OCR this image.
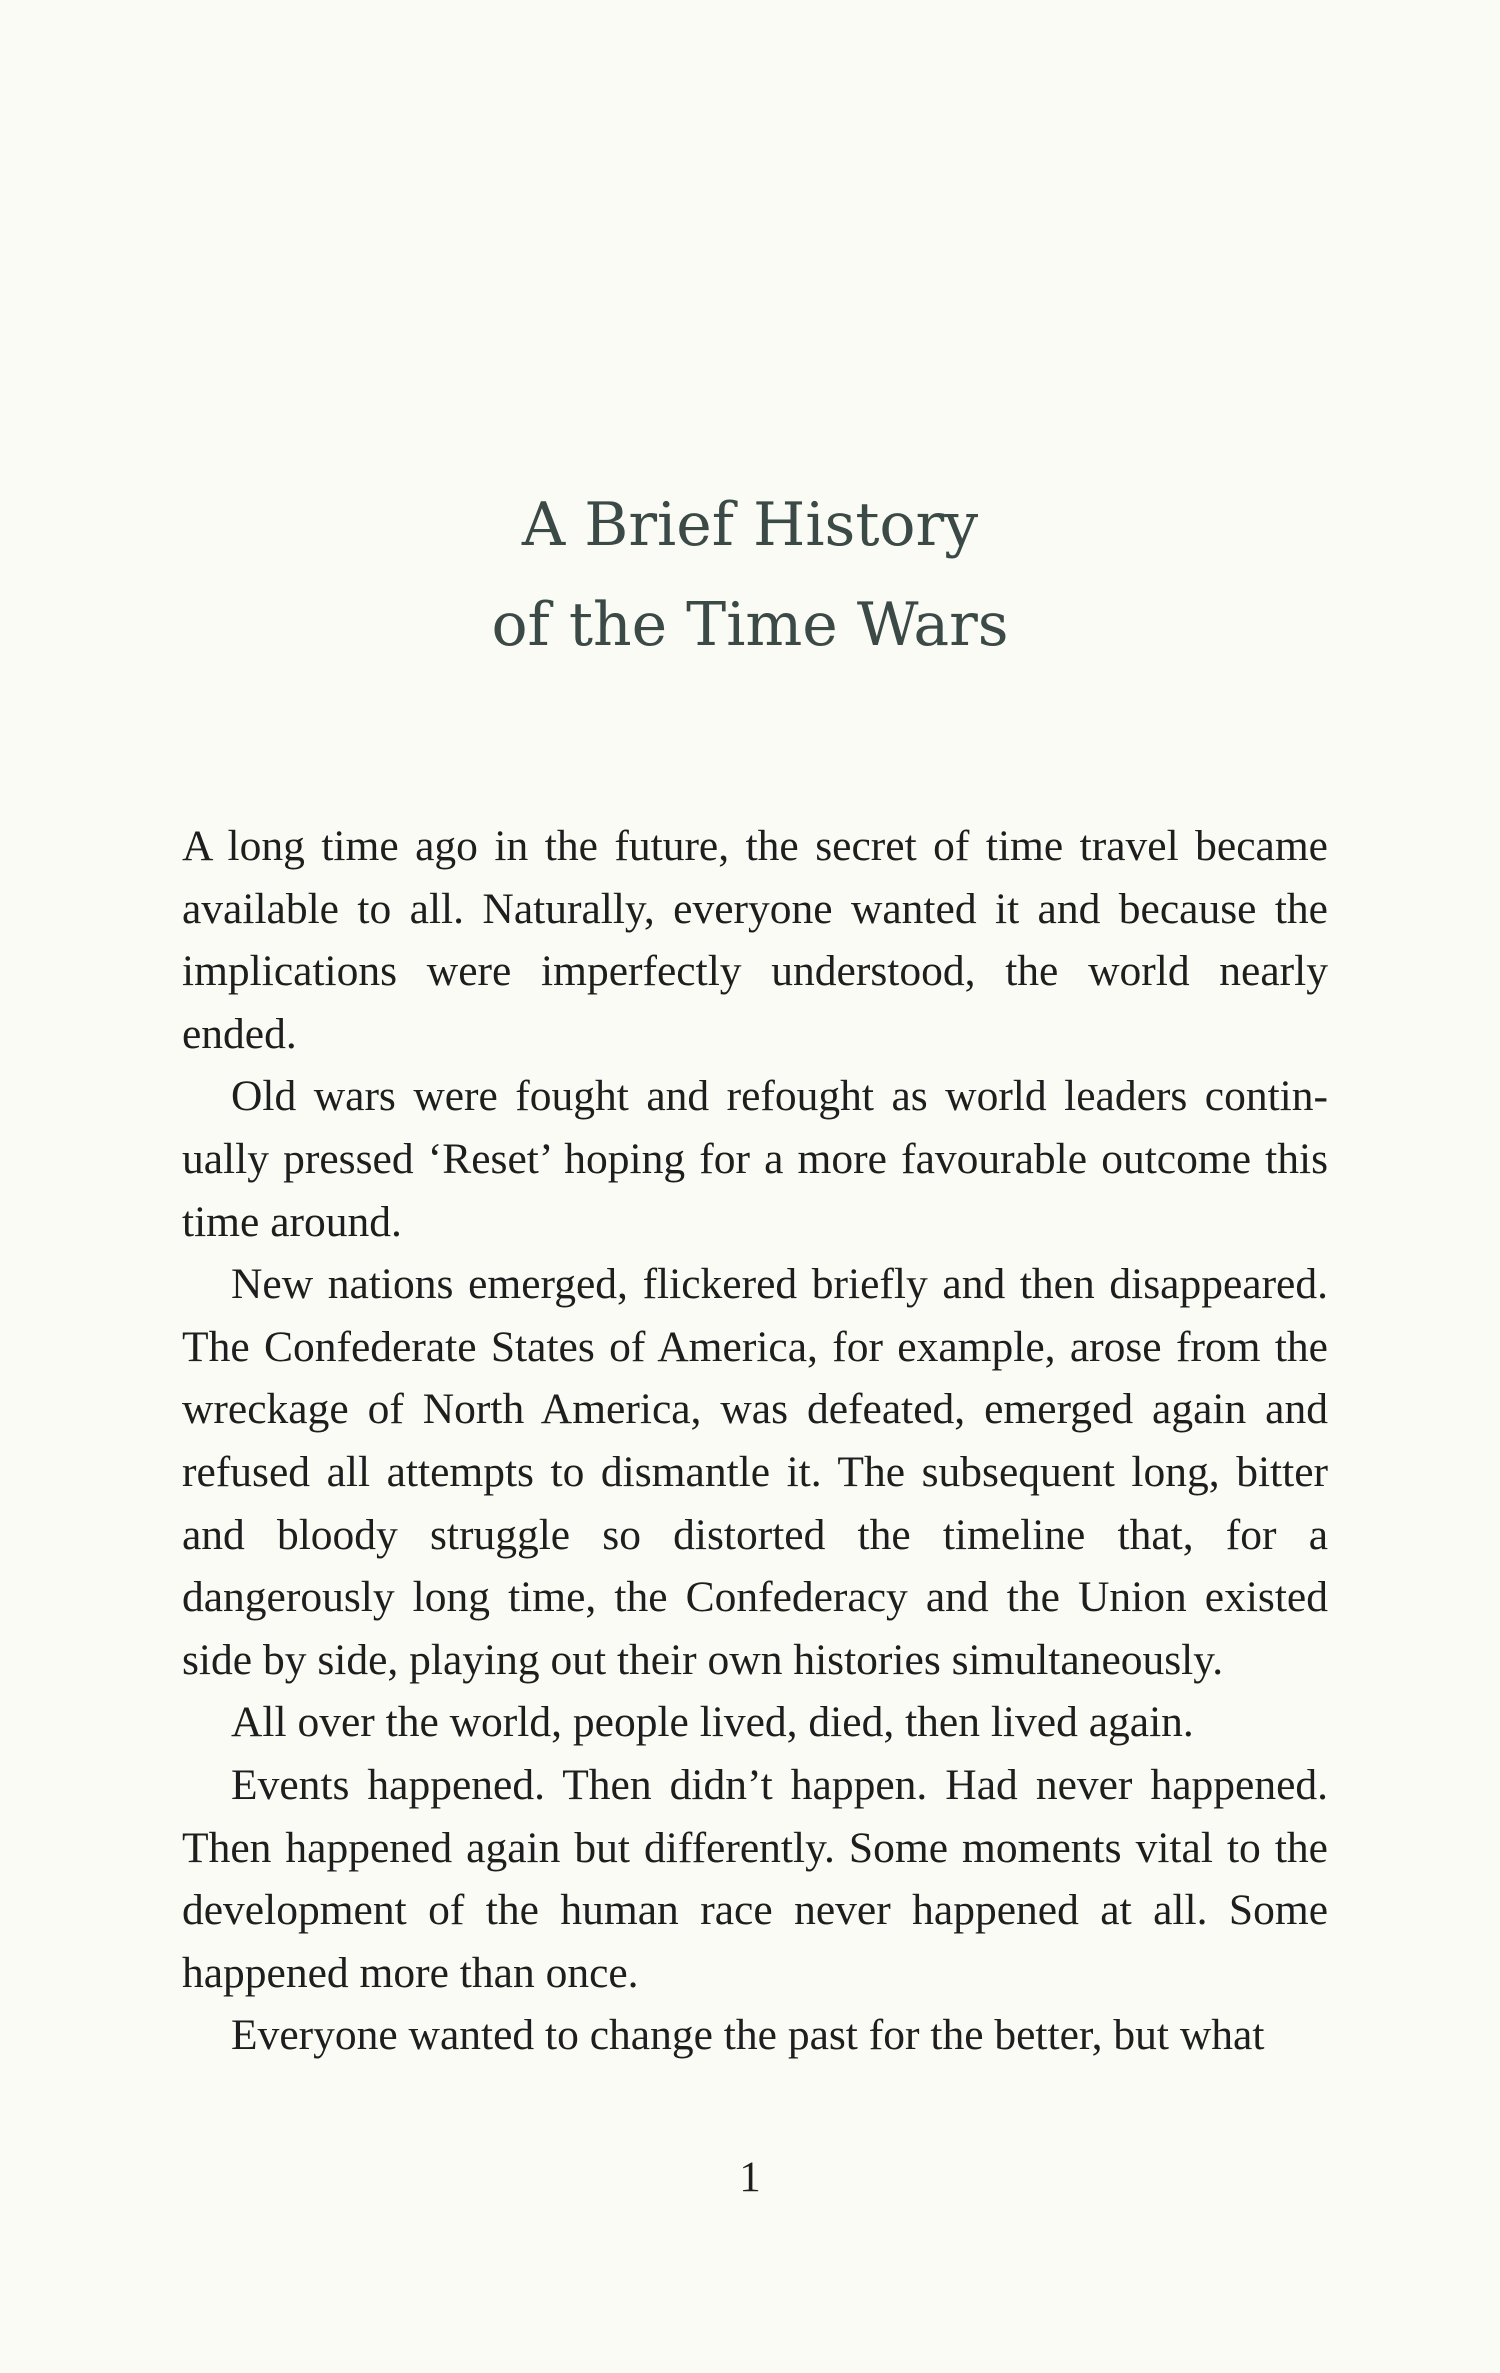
A Brief History
of the Time Wars

A long time ago in the future, the secret of time travel became available to all. Naturally, everyone wanted it and because the implications were imperfectly understood, the world nearly ended.

Old wars were fought and refought as world leaders continually pressed ‘Reset’ hoping for a more favourable outcome this time around.

New nations emerged, flickered briefly and then disappeared. The Confederate States of America, for example, arose from the wreckage of North America, was defeated, emerged again and refused all attempts to dismantle it. The subsequent long, bitter and bloody struggle so distorted the timeline that, for a dangerously long time, the Confederacy and the Union existed side by side, playing out their own histories simultaneously.

All over the world, people lived, died, then lived again.

Events happened. Then didn’t happen. Had never happened. Then happened again but differently. Some moments vital to the development of the human race never happened at all. Some happened more than once.

Everyone wanted to change the past for the better, but what

1
